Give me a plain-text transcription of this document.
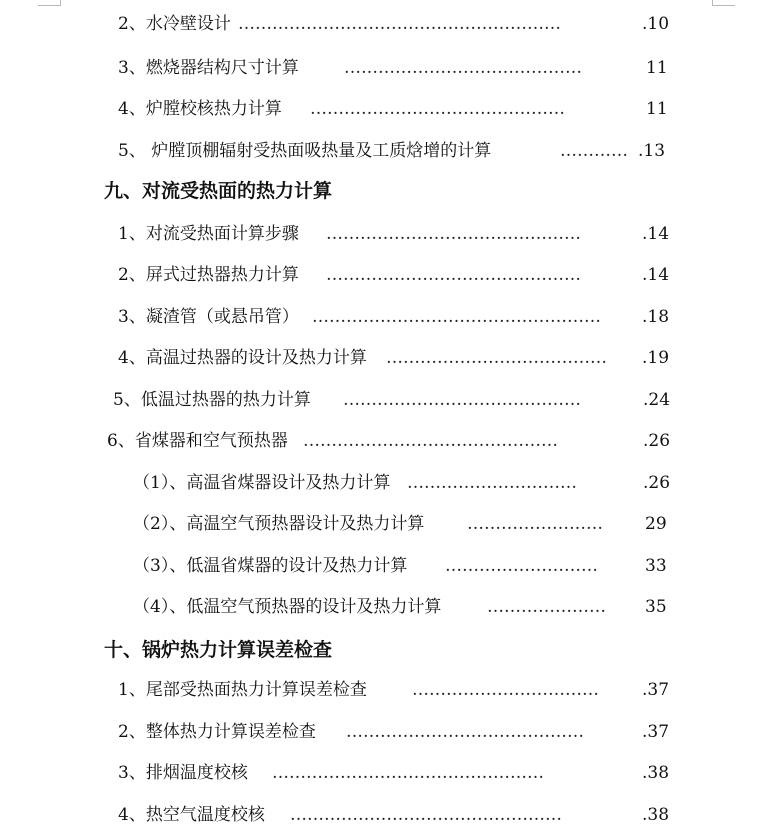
2、水冷壁设计 …………………………………………………	.10
3、燃烧器结构尺寸计算	……………………………………	11
4、炉膛校核热力计算 ………………………………………	11
5、 炉膛顶棚辐射受热面吸热量及工质焓增的计算	………… .13
九、对流受热面的热力计算
1、对流受热面计算步骤 ………………………………………	.14
2、屏式过热器热力计算 ………………………………………	.14
3、凝渣管（或悬吊管） ……………………………………………	.18
4、高温过热器的设计及热力计算 …………………………………	.19
5、低温过热器的热力计算 ……………………………………	.24
6、省煤器和空气预热器 ………………………………………	.26
（1）、高温省煤器设计及热力计算 …………………………	.26
（2）、高温空气预热器设计及热力计算	……………………	29
（3）、低温省煤器的设计及热力计算 ………………………	33
（4）、低温空气预热器的设计及热力计算	…………………	35
十、锅炉热力计算误差检查
1、尾部受热面热力计算误差检查	……………………………	.37
2、整体热力计算误差检查 ……………………………………	.37
3、排烟温度校核 …………………………………………	.38
4、热空气温度校核 …………………………………………	.38
